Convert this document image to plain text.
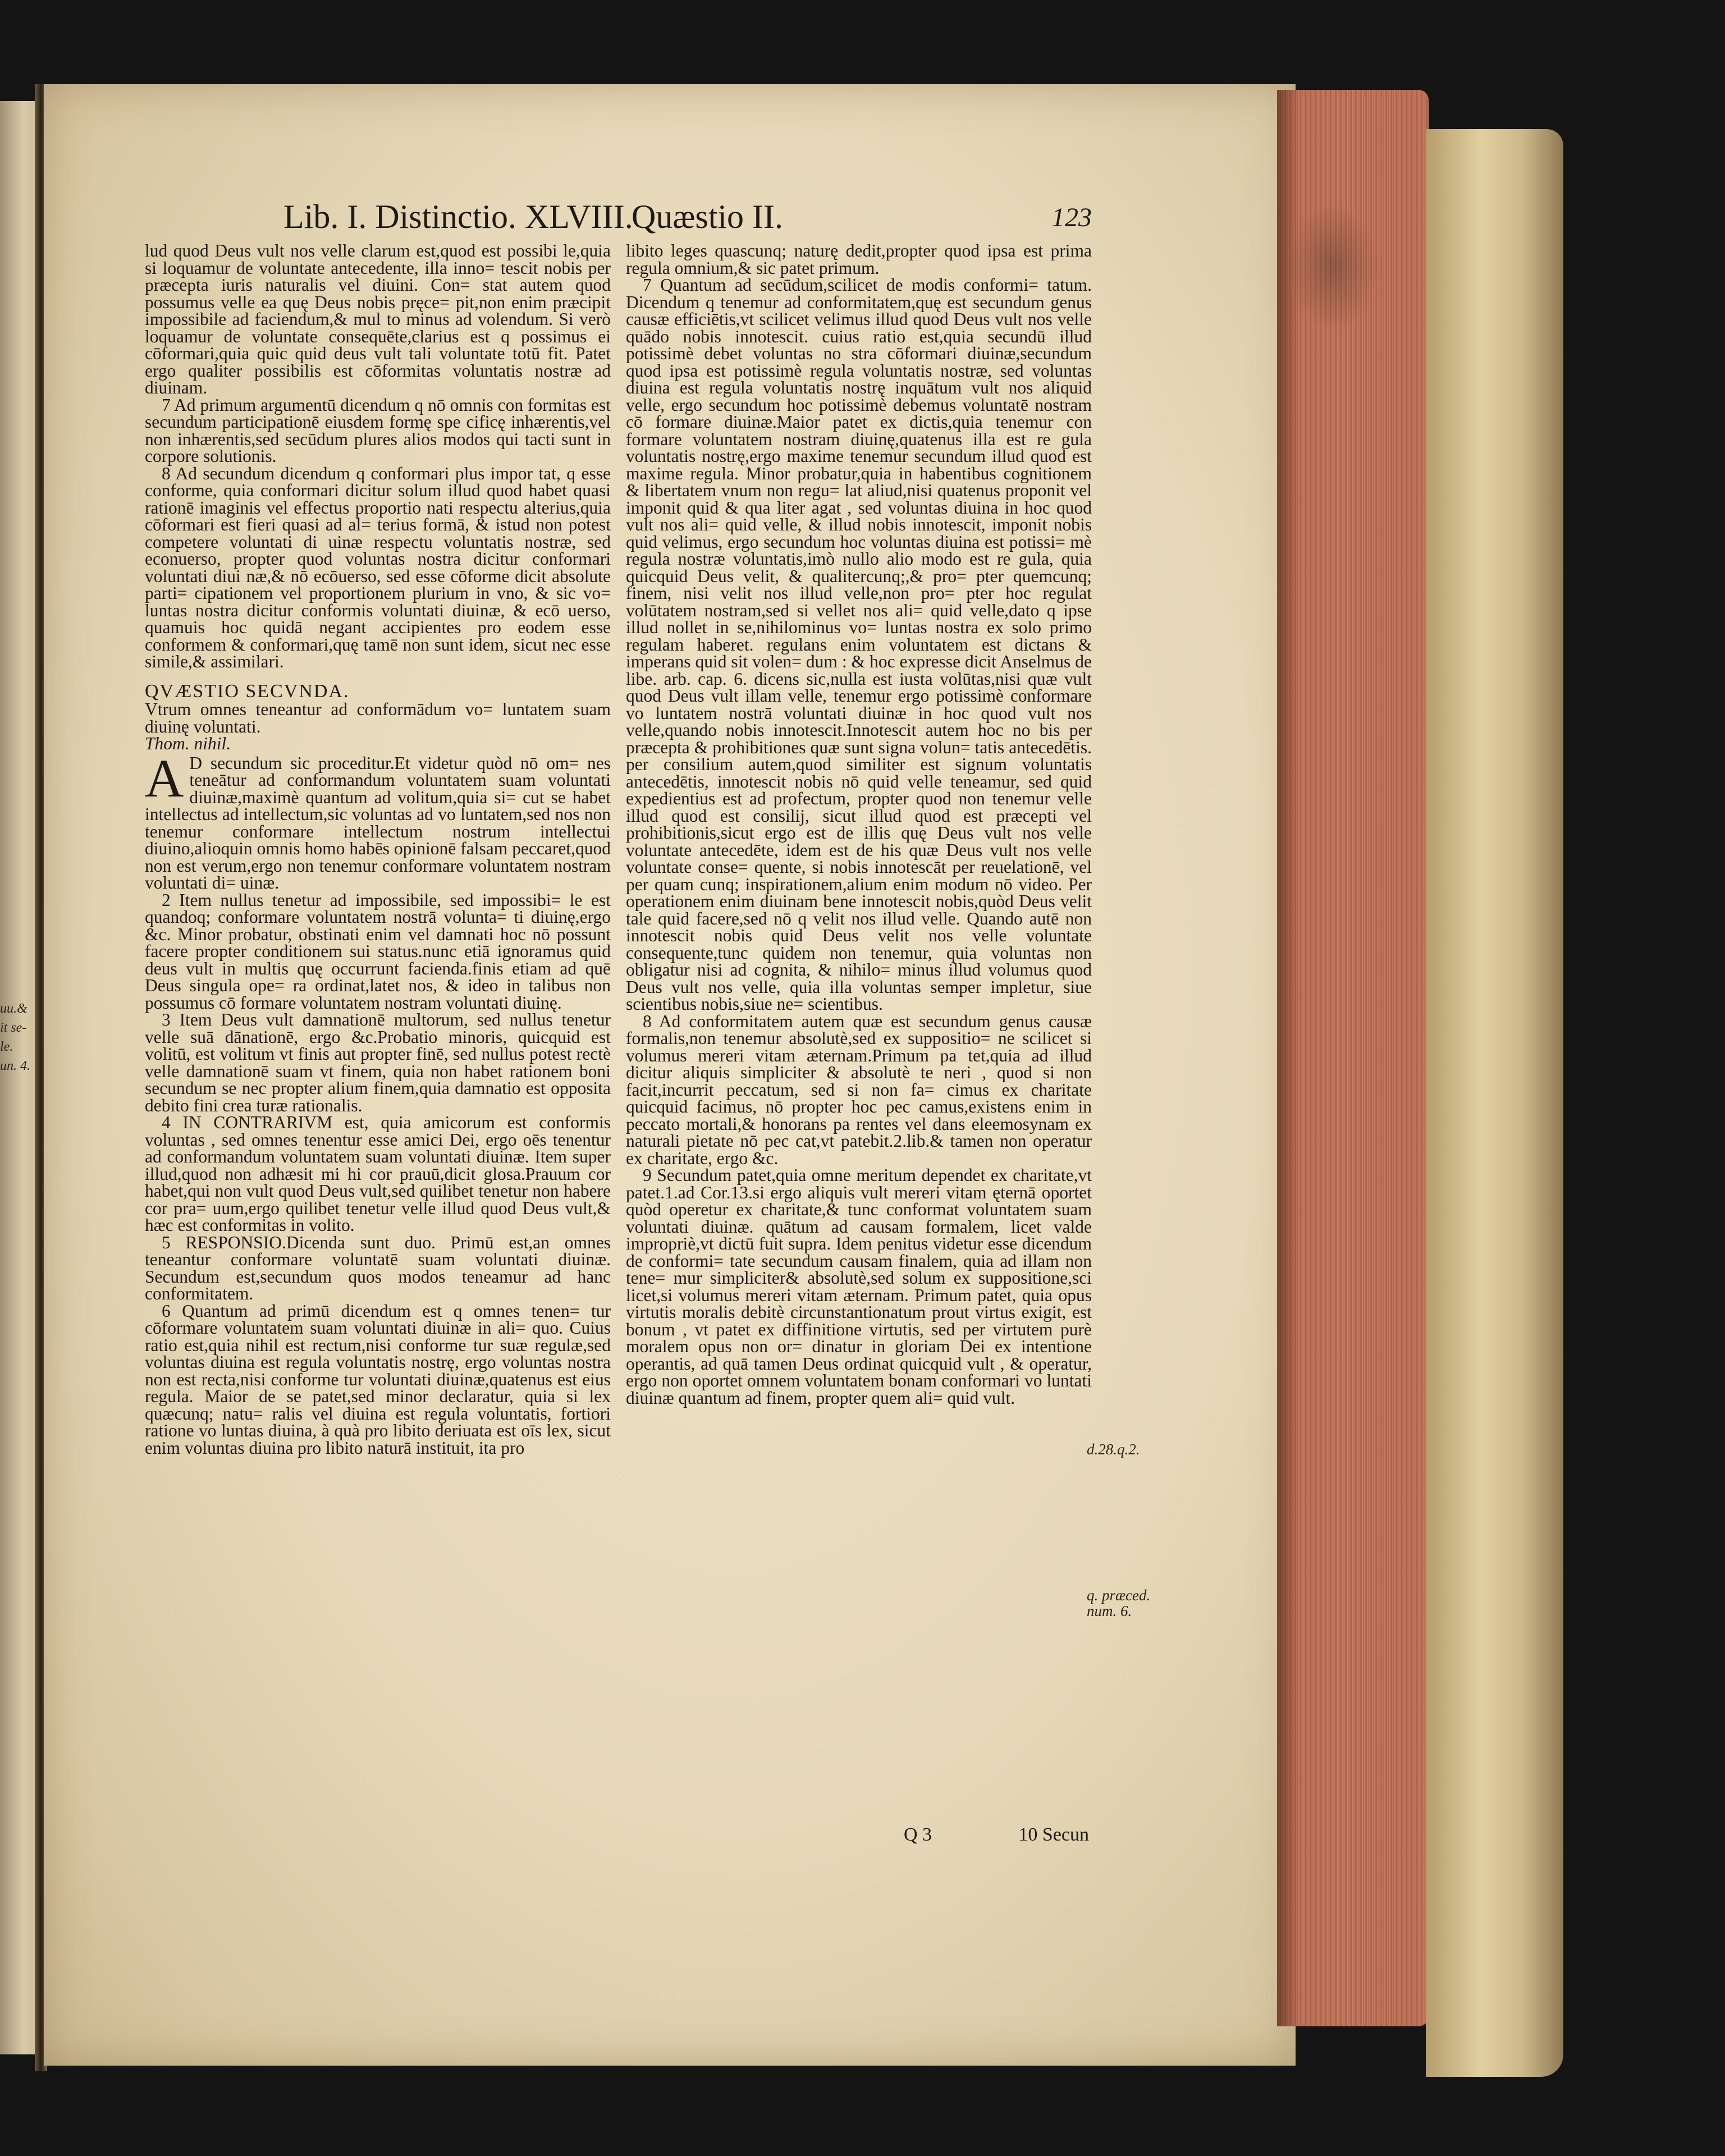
uu.&
it se-
le.
un. 4.
Lib. I. Distinctio. XLVIII.
Quæstio II.	123

lud quod Deus vult nos velle clarum est,quod est possibi le,quia si loquamur de voluntate antecedente, illa inno= tescit nobis per præcepta iuris naturalis vel diuini. Con= stat autem quod possumus velle ea quę Deus nobis pręce= pit,non enim præcipit impossibile ad faciendum,& mul to minus ad volendum. Si verò loquamur de voluntate consequēte,clarius est q possimus ei cōformari,quia quic quid deus vult tali voluntate totū fit. Patet ergo qualiter possibilis est cōformitas voluntatis nostræ ad diuinam.

7 Ad primum argumentū dicendum q nō omnis con formitas est secundum participationē eiusdem formę spe cificę inhærentis,vel non inhærentis,sed secūdum plures alios modos qui tacti sunt in corpore solutionis.

8 Ad secundum dicendum q conformari plus impor tat, q esse conforme, quia conformari dicitur solum illud quod habet quasi rationē imaginis vel effectus proportio nati respectu alterius,quia cōformari est fieri quasi ad al= terius formā, & istud non potest competere voluntati di uinæ respectu voluntatis nostræ, sed econuerso, propter quod voluntas nostra dicitur conformari voluntati diui næ,& nō ecōuerso, sed esse cōforme dicit absolute parti= cipationem vel proportionem plurium in vno, & sic vo= luntas nostra dicitur conformis voluntati diuinæ, & ecō uerso, quamuis hoc quidā negant accipientes pro eodem esse conformem & conformari,quę tamē non sunt idem, sicut nec esse simile,& assimilari.

QVÆSTIO SECVNDA.

Vtrum omnes teneantur ad conformādum vo= luntatem suam diuinę voluntati.

Thom. nihil.

A D secundum sic proceditur.Et videtur quòd nō om= nes teneātur ad conformandum voluntatem suam voluntati diuinæ,maximè quantum ad volitum,quia si= cut se habet intellectus ad intellectum,sic voluntas ad vo luntatem,sed nos non tenemur conformare intellectum nostrum intellectui diuino,alioquin omnis homo habēs opinionē falsam peccaret,quod non est verum,ergo non tenemur conformare voluntatem nostram voluntati di= uinæ.

2 Item nullus tenetur ad impossibile, sed impossibi= le est quandoq; conformare voluntatem nostrā volunta= ti diuinę,ergo &c. Minor probatur, obstinati enim vel damnati hoc nō possunt facere propter conditionem sui status.nunc etiā ignoramus quid deus vult in multis quę occurrunt facienda.finis etiam ad quē Deus singula ope= ra ordinat,latet nos, & ideo in talibus non possumus cō formare voluntatem nostram voluntati diuinę.

3 Item Deus vult damnationē multorum, sed nullus tenetur velle suā dānationē, ergo &c.Probatio minoris, quicquid est volitū, est volitum vt finis aut propter finē, sed nullus potest rectè velle damnationē suam vt finem, quia non habet rationem boni secundum se nec propter alium finem,quia damnatio est opposita debito fini crea turæ rationalis.

4 IN CONTRARIVM est, quia amicorum est conformis voluntas , sed omnes tenentur esse amici Dei, ergo oēs tenentur ad conformandum voluntatem suam voluntati diuinæ. Item super illud,quod non adhæsit mi hi cor prauū,dicit glosa.Prauum cor habet,qui non vult quod Deus vult,sed quilibet tenetur non habere cor pra= uum,ergo quilibet tenetur velle illud quod Deus vult,& hæc est conformitas in volito.

5 RESPONSIO.Dicenda sunt duo. Primū est,an omnes teneantur conformare voluntatē suam voluntati diuinæ. Secundum est,secundum quos modos teneamur ad hanc conformitatem.

6 Quantum ad primū dicendum est q omnes tenen= tur cōformare voluntatem suam voluntati diuinæ in ali= quo. Cuius ratio est,quia nihil est rectum,nisi conforme tur suæ regulæ,sed voluntas diuina est regula voluntatis nostrę, ergo voluntas nostra non est recta,nisi conforme tur voluntati diuinæ,quatenus est eius regula. Maior de se patet,sed minor declaratur, quia si lex quæcunq; natu= ralis vel diuina est regula voluntatis, fortiori ratione vo luntas diuina, à quà pro libito deriuata est oīs lex, sicut enim voluntas diuina pro libito naturā instituit, ita pro

libito leges quascunq; naturę dedit,propter quod ipsa est prima regula omnium,& sic patet primum.

7 Quantum ad secūdum,scilicet de modis conformi= tatum. Dicendum q tenemur ad conformitatem,quę est secundum genus causæ efficiētis,vt scilicet velimus illud quod Deus vult nos velle quādo nobis innotescit. cuius ratio est,quia secundū illud potissimè debet voluntas no stra cōformari diuinæ,secundum quod ipsa est potissimè regula voluntatis nostræ, sed voluntas diuina est regula voluntatis nostrę inquātum vult nos aliquid velle, ergo secundum hoc potissimè debemus voluntatē nostram cō formare diuinæ.Maior patet ex dictis,quia tenemur con formare voluntatem nostram diuinę,quatenus illa est re gula voluntatis nostrę,ergo maxime tenemur secundum illud quod est maxime regula. Minor probatur,quia in habentibus cognitionem & libertatem vnum non regu= lat aliud,nisi quatenus proponit vel imponit quid & qua liter agat , sed voluntas diuina in hoc quod vult nos ali= quid velle, & illud nobis innotescit, imponit nobis quid velimus, ergo secundum hoc voluntas diuina est potissi= mè regula nostræ voluntatis,imò nullo alio modo est re gula, quia quicquid Deus velit, & qualitercunq;,& pro= pter quemcunq; finem, nisi velit nos illud velle,non pro= pter hoc regulat volūtatem nostram,sed si vellet nos ali= quid velle,dato q ipse illud nollet in se,nihilominus vo= luntas nostra ex solo primo regulam haberet. regulans enim voluntatem est dictans & imperans quid sit volen= dum : & hoc expresse dicit Anselmus de libe. arb. cap. 6. dicens sic,nulla est iusta volūtas,nisi quæ vult quod Deus vult illam velle, tenemur ergo potissimè conformare vo luntatem nostrā voluntati diuinæ in hoc quod vult nos velle,quando nobis innotescit.Innotescit autem hoc no bis per præcepta & prohibitiones quæ sunt signa volun= tatis antecedētis. per consilium autem,quod similiter est signum voluntatis antecedētis, innotescit nobis nō quid velle teneamur, sed quid expedientius est ad profectum, propter quod non tenemur velle illud quod est consilij, sicut illud quod est præcepti vel prohibitionis,sicut ergo est de illis quę Deus vult nos velle voluntate antecedēte, idem est de his quæ Deus vult nos velle voluntate conse= quente, si nobis innotescāt per reuelationē, vel per quam cunq; inspirationem,alium enim modum nō video. Per operationem enim diuinam bene innotescit nobis,quòd Deus velit tale quid facere,sed nō q velit nos illud velle. Quando autē non innotescit nobis quid Deus velit nos velle voluntate consequente,tunc quidem non tenemur, quia voluntas non obligatur nisi ad cognita, & nihilo= minus illud volumus quod Deus vult nos velle, quia illa voluntas semper impletur, siue scientibus nobis,siue ne= scientibus.

8 Ad conformitatem autem quæ est secundum genus causæ formalis,non tenemur absolutè,sed ex suppositio= ne scilicet si volumus mereri vitam æternam.Primum pa tet,quia ad illud dicitur aliquis simpliciter & absolutè te neri , quod si non facit,incurrit peccatum, sed si non fa= cimus ex charitate quicquid facimus, nō propter hoc pec camus,existens enim in peccato mortali,& honorans pa rentes vel dans eleemosynam ex naturali pietate nō pec cat,vt patebit.2.lib.& tamen non operatur ex charitate, ergo &c.

9 Secundum patet,quia omne meritum dependet ex charitate,vt patet.1.ad Cor.13.si ergo aliquis vult mereri vitam ęternā oportet quòd operetur ex charitate,& tunc conformat voluntatem suam voluntati diuinæ. quātum ad causam formalem, licet valde impropriè,vt dictū fuit supra. Idem penitus videtur esse dicendum de conformi= tate secundum causam finalem, quia ad illam non tene= mur simpliciter& absolutè,sed solum ex suppositione,sci licet,si volumus mereri vitam æternam. Primum patet, quia opus virtutis moralis debitè circunstantionatum prout virtus exigit, est bonum , vt patet ex diffinitione virtutis, sed per virtutem purè moralem opus non or= dinatur in gloriam Dei ex intentione operantis, ad quā tamen Deus ordinat quicquid vult , & operatur, ergo non oportet omnem voluntatem bonam conformari vo luntati diuinæ quantum ad finem, propter quem ali= quid vult.

d.28.q.2.
q. præced. num. 6.
Q 3	10 Secun
